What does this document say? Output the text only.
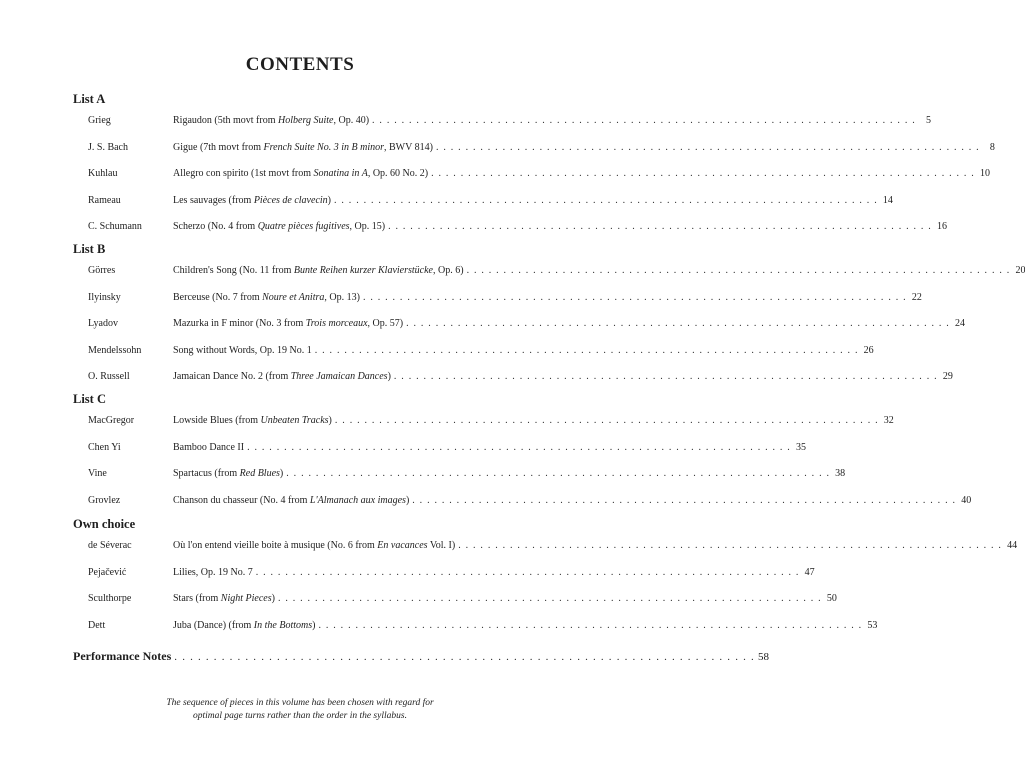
CONTENTS
List A
Grieg	Rigaudon (5th movt from Holberg Suite, Op. 40) . . . . . . . . . . . . . . . . . . . . . . . . . . . . . . . . . . . . . . . . . . . . . . . . . . . . . . . . . . . . . . . . . . . . . . . . . .	5
J. S. Bach	Gigue (7th movt from French Suite No. 3 in B minor, BWV 814) . . . . . . . . . . . . . . . . . . . . . . . . . . . . . . . . . . . . . . . . . . . . . . . . . . . . . . . . . . . . . . . . . . . . . . . . . .	8
Kuhlau	Allegro con spirito (1st movt from Sonatina in A, Op. 60 No. 2) . . . . . . . . . . . . . . . . . . . . . . . . . . . . . . . . . . . . . . . . . . . . . . . . . . . . . . . . . . . . . . . . . . . . . . . . . . 10
Rameau	Les sauvages (from Pièces de clavecin) . . . . . . . . . . . . . . . . . . . . . . . . . . . . . . . . . . . . . . . . . . . . . . . . . . . . . . . . . . . . . . . . . . . . . . . . . . 14
C. Schumann	Scherzo (No. 4 from Quatre pièces fugitives, Op. 15) . . . . . . . . . . . . . . . . . . . . . . . . . . . . . . . . . . . . . . . . . . . . . . . . . . . . . . . . . . . . . . . . . . . . . . . . . . 16
List B
Görres	Children's Song (No. 11 from Bunte Reihen kurzer Klavierstücke, Op. 6) . . . . . . . . . . . . . . . . . . . . . . . . . . . . . . . . . . . . . . . . . . . . . . . . . . . . . . . . . . . . . . . . . . . . . . . . . . 20
Ilyinsky	Berceuse (No. 7 from Noure et Anitra, Op. 13) . . . . . . . . . . . . . . . . . . . . . . . . . . . . . . . . . . . . . . . . . . . . . . . . . . . . . . . . . . . . . . . . . . . . . . . . . . 22
Lyadov	Mazurka in F minor (No. 3 from Trois morceaux, Op. 57) . . . . . . . . . . . . . . . . . . . . . . . . . . . . . . . . . . . . . . . . . . . . . . . . . . . . . . . . . . . . . . . . . . . . . . . . . . 24
Mendelssohn	Song without Words, Op. 19 No. 1 . . . . . . . . . . . . . . . . . . . . . . . . . . . . . . . . . . . . . . . . . . . . . . . . . . . . . . . . . . . . . . . . . . . . . . . . . . 26
O. Russell	Jamaican Dance No. 2 (from Three Jamaican Dances) . . . . . . . . . . . . . . . . . . . . . . . . . . . . . . . . . . . . . . . . . . . . . . . . . . . . . . . . . . . . . . . . . . . . . . . . . . 29
List C
MacGregor	Lowside Blues (from Unbeaten Tracks) . . . . . . . . . . . . . . . . . . . . . . . . . . . . . . . . . . . . . . . . . . . . . . . . . . . . . . . . . . . . . . . . . . . . . . . . . . 32
Chen Yi	Bamboo Dance II . . . . . . . . . . . . . . . . . . . . . . . . . . . . . . . . . . . . . . . . . . . . . . . . . . . . . . . . . . . . . . . . . . . . . . . . . . 35
Vine	Spartacus (from Red Blues) . . . . . . . . . . . . . . . . . . . . . . . . . . . . . . . . . . . . . . . . . . . . . . . . . . . . . . . . . . . . . . . . . . . . . . . . . . 38
Grovlez	Chanson du chasseur (No. 4 from L'Almanach aux images) . . . . . . . . . . . . . . . . . . . . . . . . . . . . . . . . . . . . . . . . . . . . . . . . . . . . . . . . . . . . . . . . . . . . . . . . . . 40
Own choice
de Séverac	Où l'on entend vieille boite à musique (No. 6 from En vacances Vol. I) . . . . . . . . . . . . . . . . . . . . . . . . . . . . . . . . . . . . . . . . . . . . . . . . . . . . . . . . . . . . . . . . . . . . . . . . . . 44
Pejačević	Lilies, Op. 19 No. 7 . . . . . . . . . . . . . . . . . . . . . . . . . . . . . . . . . . . . . . . . . . . . . . . . . . . . . . . . . . . . . . . . . . . . . . . . . . 47
Sculthorpe	Stars (from Night Pieces) . . . . . . . . . . . . . . . . . . . . . . . . . . . . . . . . . . . . . . . . . . . . . . . . . . . . . . . . . . . . . . . . . . . . . . . . . . 50
Dett	Juba (Dance) (from In the Bottoms) . . . . . . . . . . . . . . . . . . . . . . . . . . . . . . . . . . . . . . . . . . . . . . . . . . . . . . . . . . . . . . . . . . . . . . . . . . 53
Performance Notes . . . . . . . . . . . . . . . . . . . . . . . . . . . . . . . . . . . . . . . . . . . . . . . . . . . . . . . . . . . . . . . . . . . . . . . . . . 58
The sequence of pieces in this volume has been chosen with regard for
optimal page turns rather than the order in the syllabus.
